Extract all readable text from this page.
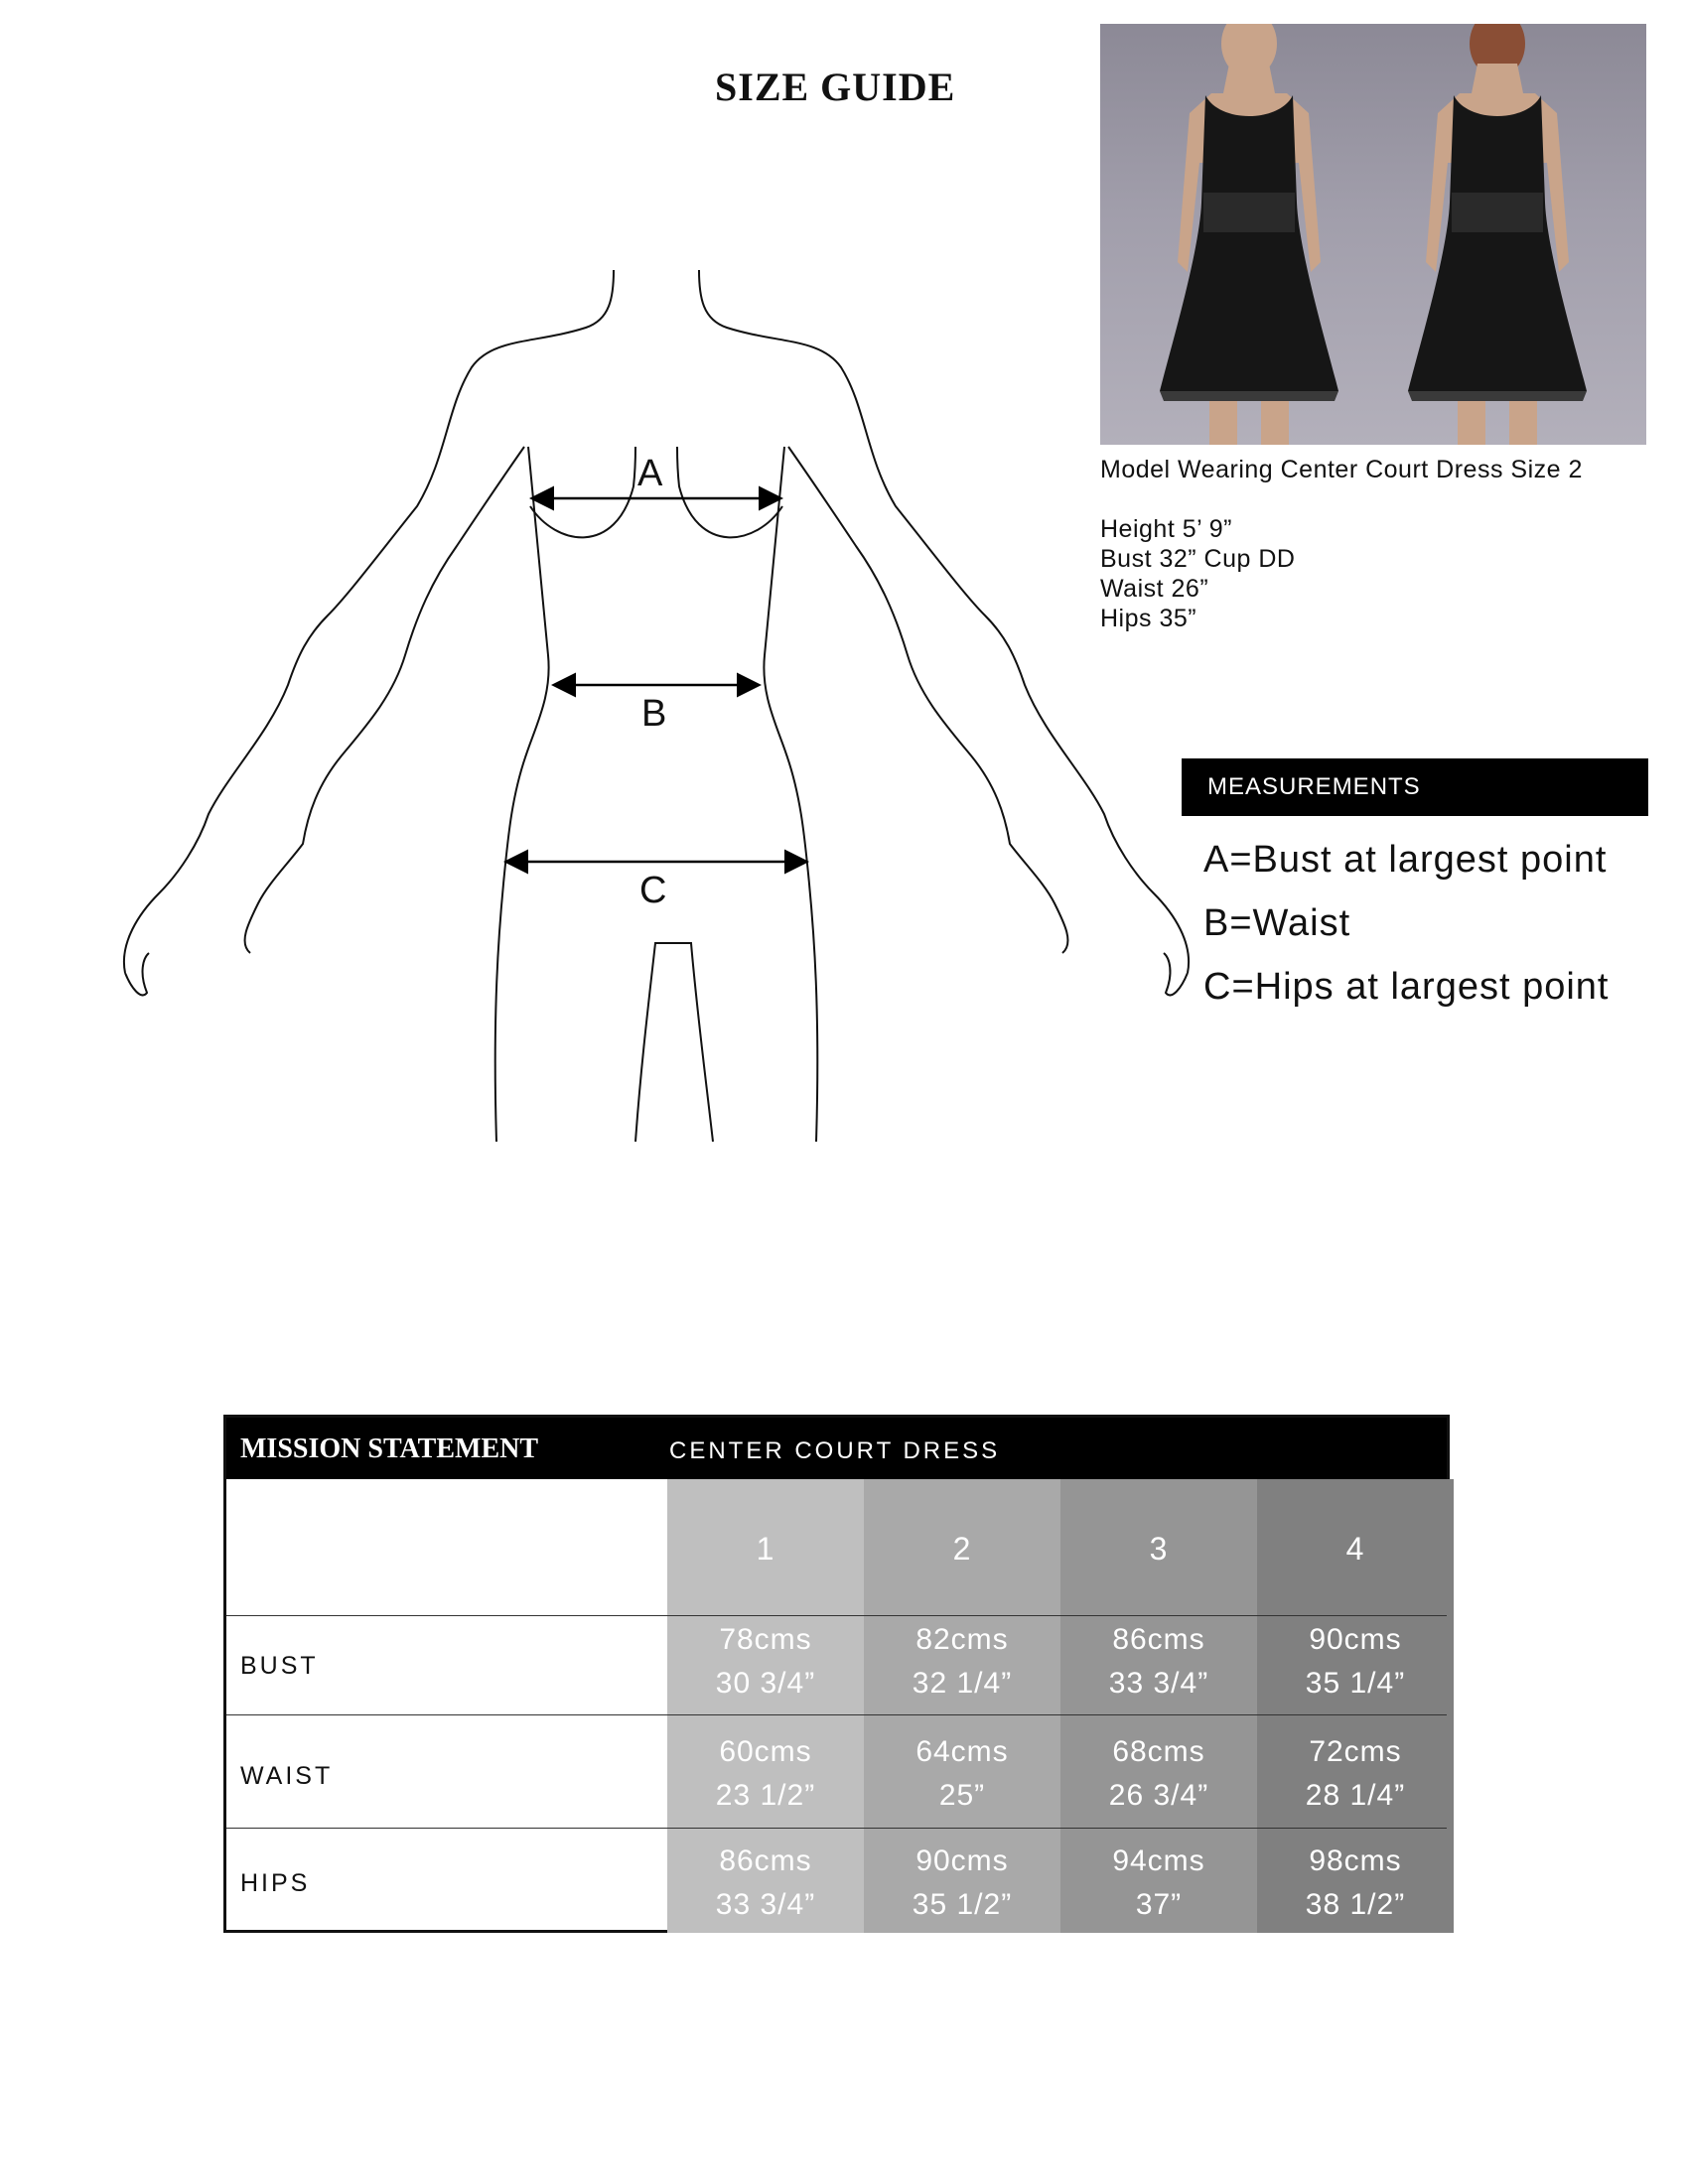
SIZE GUIDE
A
B
C
Model Wearing Center Court Dress Size 2
Height 5’ 9”
Bust 32” Cup DD
Waist 26”
Hips 35”
MEASUREMENTS
A=Bust at largest point
B=Waist
C=Hips at largest point
MISSION STATEMENT	CENTER COURT DRESS
1
78cms
30 3/4”
60cms
23 1/2”
86cms
33 3/4”
2
82cms
32 1/4”
64cms
25”
90cms
35 1/2”
3
86cms
33 3/4”
68cms
26 3/4”
94cms
37”
4
90cms
35 1/4”
72cms
28 1/4”
98cms
38 1/2”
BUST
WAIST
HIPS
